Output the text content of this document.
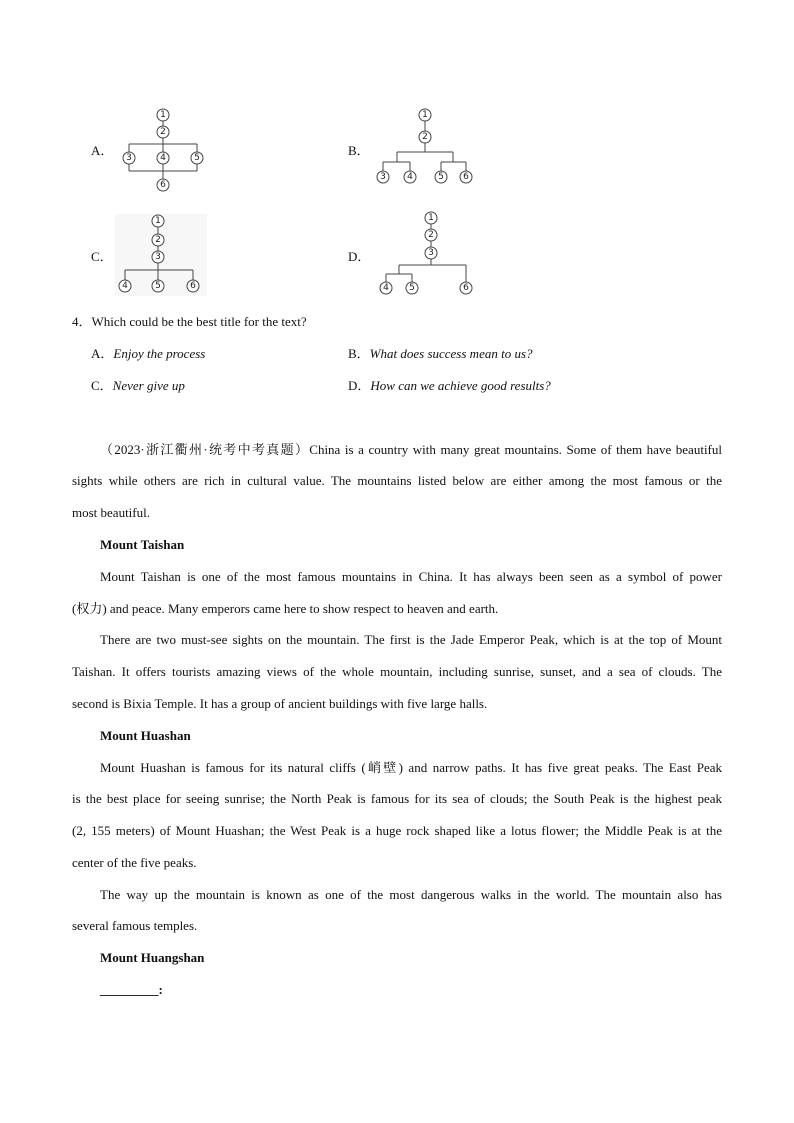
1
2
3	4	5
6
1
2
3 4	5 6
1
2
3
4	5	6
1
2
3
4 5	6
A．	B．
C．	D．
4．Which could be the best title for the text?
A．Enjoy the process	B．What does success mean to us?
C．Never give up	D．How can we achieve good results?
（2023·浙江衢州·统考中考真题）China is a country with many great mountains. Some of them have beautiful
sights while others are rich in cultural value. The mountains listed below are either among the most famous or the
most beautiful.
Mount Taishan
Mount Taishan is one of the most famous mountains in China. It has always been seen as a symbol of power
(权力) and peace. Many emperors came here to show respect to heaven and earth.
There are two must-see sights on the mountain. The first is the Jade Emperor Peak, which is at the top of Mount
Taishan. It offers tourists amazing views of the whole mountain, including sunrise, sunset, and a sea of clouds. The
second is Bixia Temple. It has a group of ancient buildings with five large halls.
Mount Huashan
Mount Huashan is famous for its natural cliffs (峭壁) and narrow paths. It has five great peaks. The East Peak
is the best place for seeing sunrise; the North Peak is famous for its sea of clouds; the South Peak is the highest peak
(2, 155 meters) of Mount Huashan; the West Peak is a huge rock shaped like a lotus flower; the Middle Peak is at the
center of the five peaks.
The way up the mountain is known as one of the most dangerous walks in the world. The mountain also has
several famous temples.
Mount Huangshan
_________:
